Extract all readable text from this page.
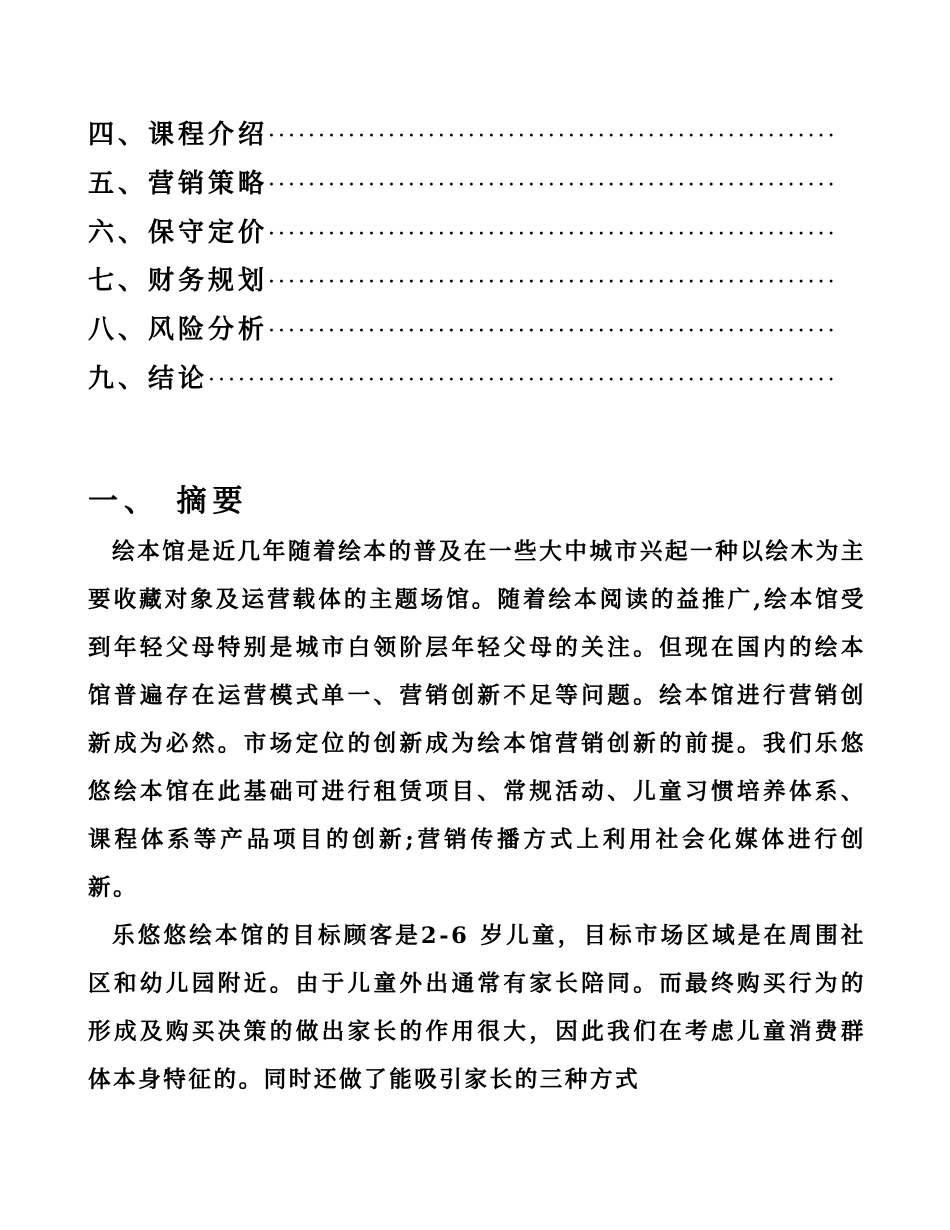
四、课程介绍
·····
五、营销策略
·····
六、保守定价
·····
七、财务规划
·····
八、风险分析
·····
九、结论
·····
一、 摘要

绘本馆是近几年随着绘本的普及在一些大中城市兴起一种以绘木为主要收藏对象及运营载体的主题场馆。随着绘本阅读的益推广,绘本馆受到年轻父母特别是城市白领阶层年轻父母的关注。但现在国内的绘本馆普遍存在运营模式单一、营销创新不足等问题。绘本馆进行营销创新成为必然。市场定位的创新成为绘本馆营销创新的前提。我们乐悠悠绘本馆在此基础可进行租赁项目、常规活动、儿童习惯培养体系、课程体系等产品项目的创新;营销传播方式上利用社会化媒体进行创新。

乐悠悠绘本馆的目标顾客是2-6 岁儿童，目标市场区域是在周围社区和幼儿园附近。由于儿童外出通常有家长陪同。而最终购买行为的形成及购买决策的做出家长的作用很大，因此我们在考虑儿童消费群体本身特征的。同时还做了能吸引家长的三种方式
